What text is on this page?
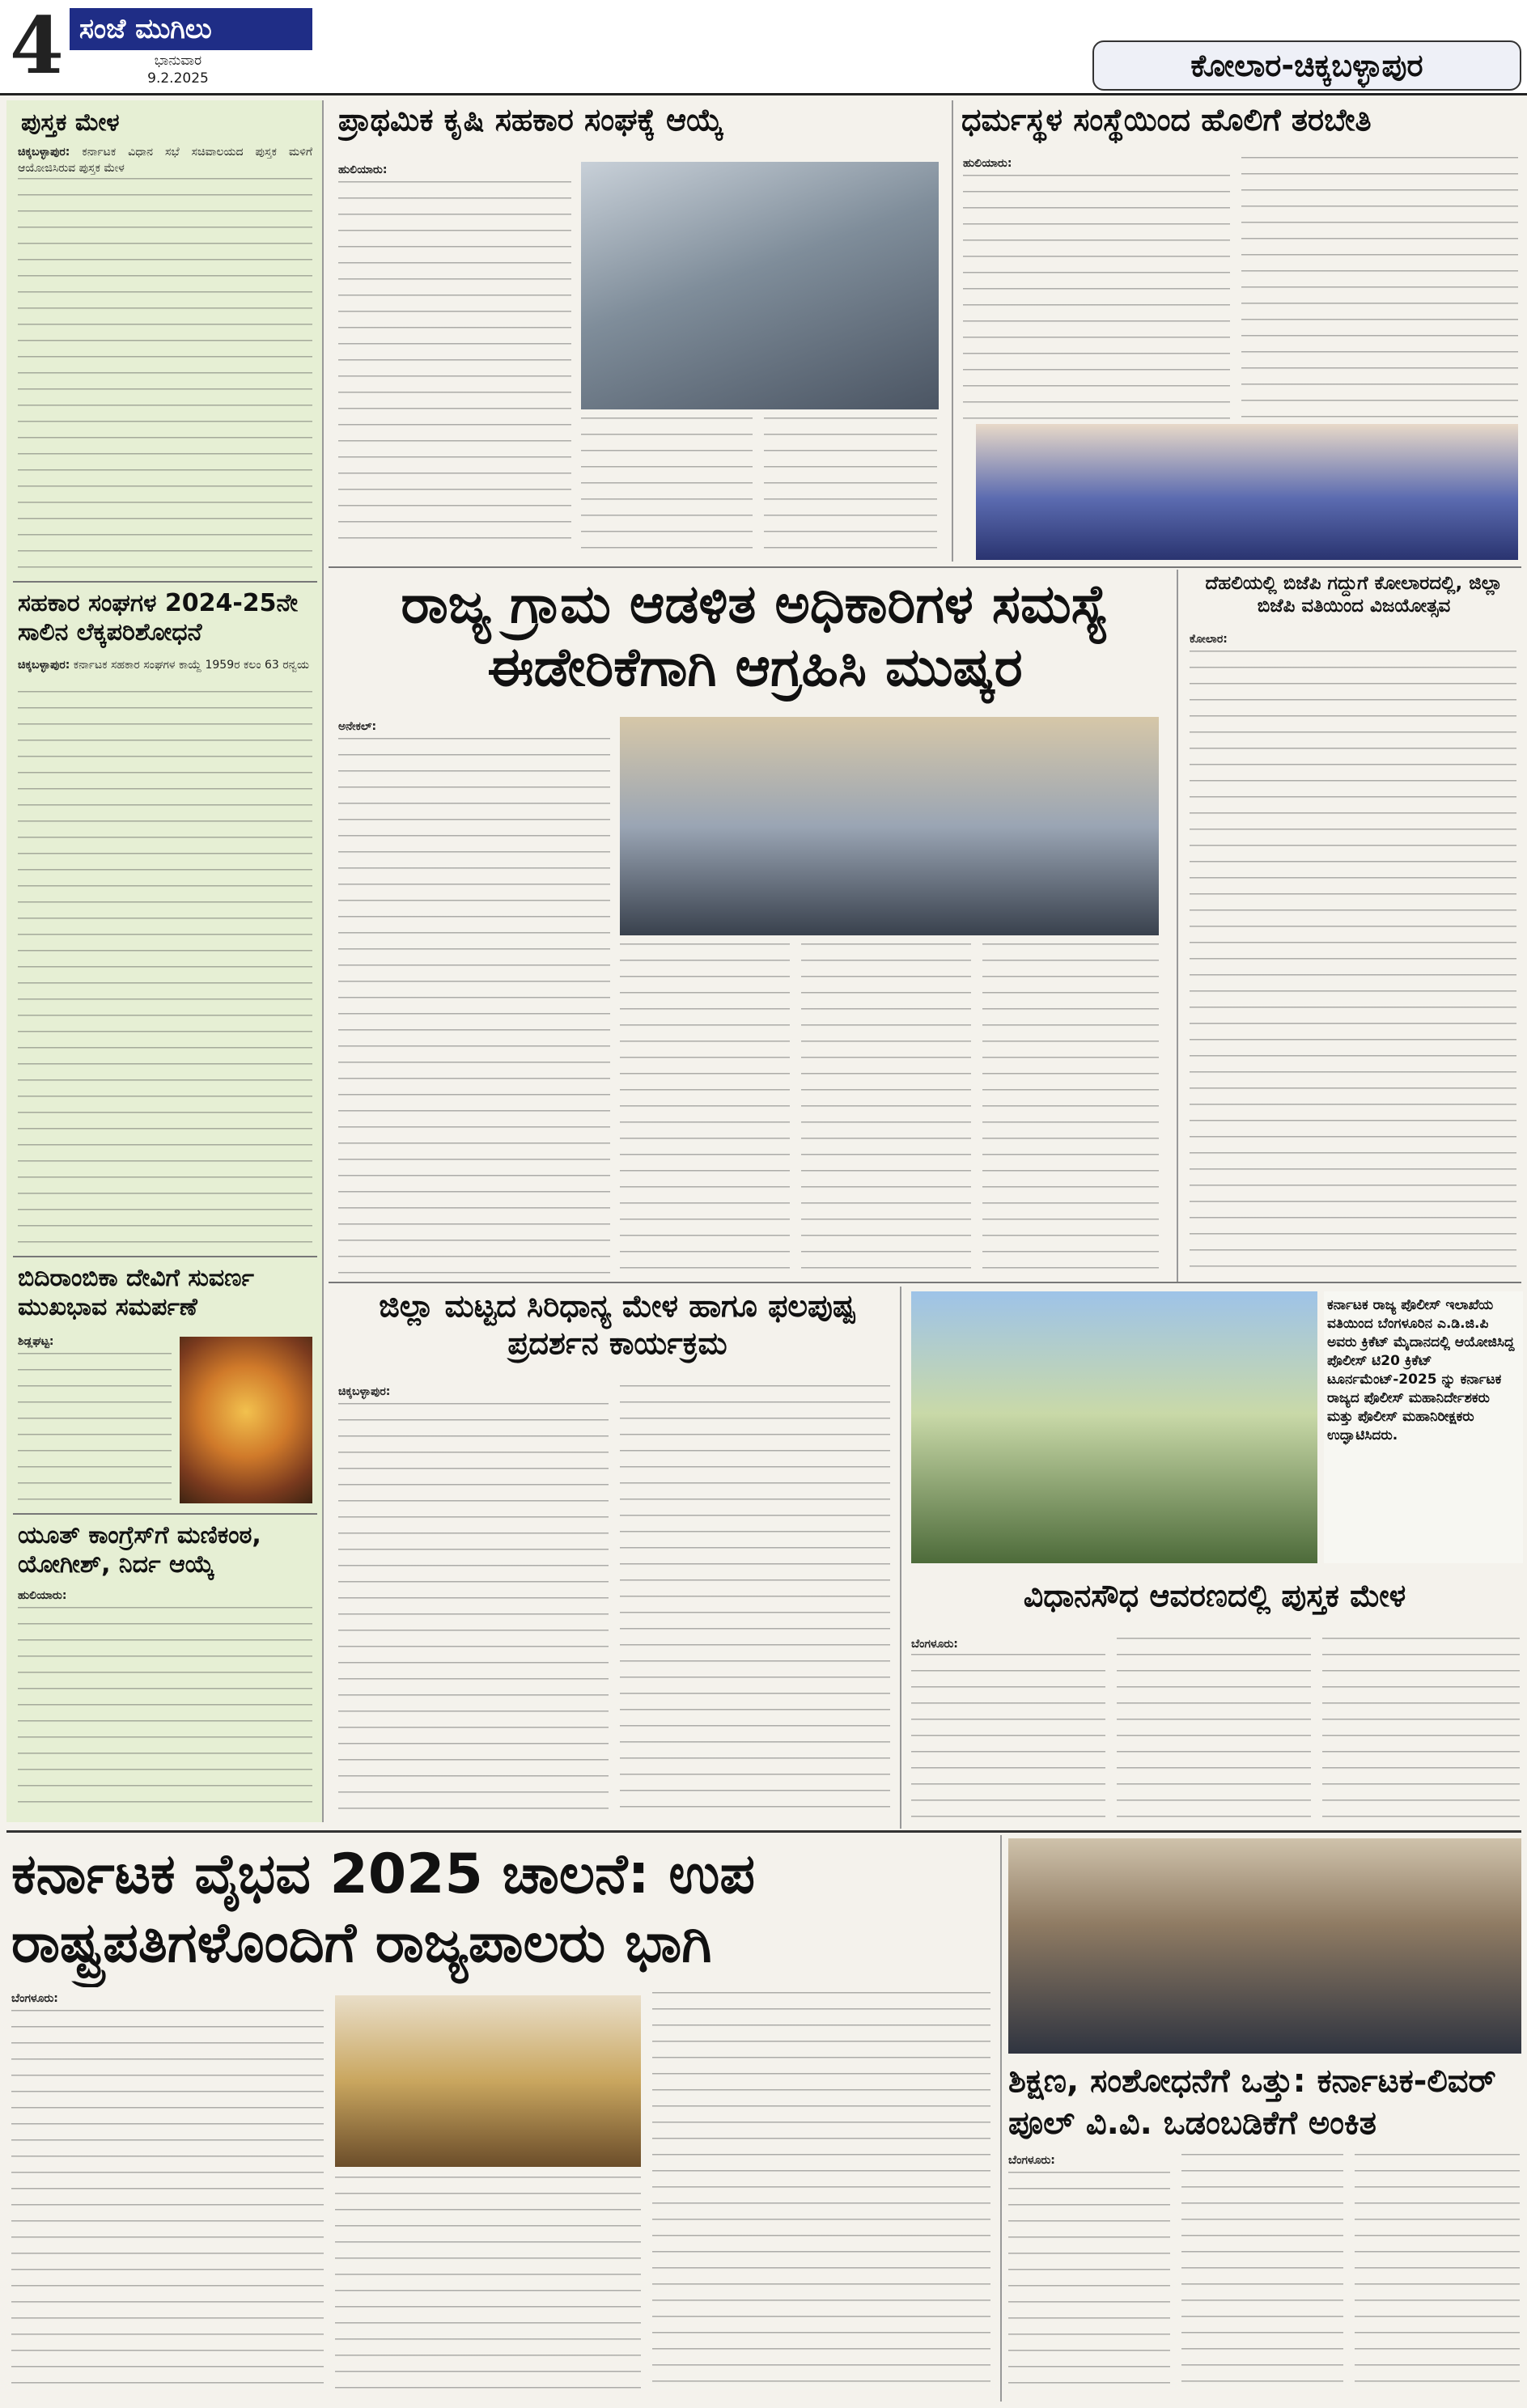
4 ಸಂಜೆ ಮುಗಿಲು
ಭಾನುವಾರ
9.2.2025	ಕೋಲಾರ-ಚಿಕ್ಕಬಳ್ಳಾಪುರ
ಪುಸ್ತಕ ಮೇಳ
ಚಿಕ್ಕಬಳ್ಳಾಪುರ: ಕರ್ನಾಟಕ ವಿಧಾನ ಸಭೆ ಸಚಿವಾಲಯದ ಪುಸ್ತಕ ಮಳಿಗೆ ಆಯೋಜಿಸಿರುವ ಪುಸ್ತಕ ಮೇಳ
ಸಹಕಾರ ಸಂಘಗಳ 2024-25ನೇ ಸಾಲಿನ ಲೆಕ್ಕಪರಿಶೋಧನೆ
ಚಿಕ್ಕಬಳ್ಳಾಪುರ: ಕರ್ನಾಟಕ ಸಹಕಾರ ಸಂಘಗಳ ಕಾಯ್ದೆ 1959ರ ಕಲಂ 63 ರನ್ವಯ
ಬಿದಿರಾಂಬಿಕಾ ದೇವಿಗೆ ಸುವರ್ಣ ಮುಖಭಾವ ಸಮರ್ಪಣೆ
ಶಿಡ್ಲಘಟ್ಟ:
ಯೂತ್ ಕಾಂಗ್ರೆಸ್‌ಗೆ ಮಣಿಕಂಠ, ಯೋಗೀಶ್, ನಿರ್ದ ಆಯ್ಕೆ
ಹುಲಿಯಾರು:
ಪ್ರಾಥಮಿಕ ಕೃಷಿ ಸಹಕಾರ ಸಂಘಕ್ಕೆ ಆಯ್ಕೆ
ಹುಲಿಯಾರು:
ಧರ್ಮಸ್ಥಳ ಸಂಸ್ಥೆಯಿಂದ ಹೊಲಿಗೆ ತರಬೇತಿ
ಹುಲಿಯಾರು:
ರಾಜ್ಯ ಗ್ರಾಮ ಆಡಳಿತ ಅಧಿಕಾರಿಗಳ ಸಮಸ್ಯೆ ಈಡೇರಿಕೆಗಾಗಿ ಆಗ್ರಹಿಸಿ ಮುಷ್ಕರ
ಅನೇಕಲ್:
ದೆಹಲಿಯಲ್ಲಿ ಬಿಜೆಪಿ ಗದ್ದುಗೆ ಕೋಲಾರದಲ್ಲಿ, ಜಿಲ್ಲಾ ಬಿಜೆಪಿ ವತಿಯಿಂದ ವಿಜಯೋತ್ಸವ
ಕೋಲಾರ:
ಜಿಲ್ಲಾ ಮಟ್ಟದ ಸಿರಿಧಾನ್ಯ ಮೇಳ ಹಾಗೂ ಫಲಪುಷ್ಪ ಪ್ರದರ್ಶನ ಕಾರ್ಯಕ್ರಮ
ಚಿಕ್ಕಬಳ್ಳಾಪುರ:
ಕರ್ನಾಟಕ ರಾಜ್ಯ ಪೊಲೀಸ್ ಇಲಾಖೆಯ ವತಿಯಿಂದ ಬೆಂಗಳೂರಿನ ಎ.ಡಿ.ಜಿ.ಪಿ ಅವರು ಕ್ರಿಕೆಟ್ ಮೈದಾನದಲ್ಲಿ ಆಯೋಜಿಸಿದ್ದ ಪೊಲೀಸ್ ಟಿ20 ಕ್ರಿಕೆಟ್ ಟೂರ್ನಮೆಂಟ್-2025 ನ್ನು ಕರ್ನಾಟಕ ರಾಜ್ಯದ ಪೊಲೀಸ್ ಮಹಾನಿರ್ದೇಶಕರು ಮತ್ತು ಪೊಲೀಸ್ ಮಹಾನಿರೀಕ್ಷಕರು ಉದ್ಘಾಟಿಸಿದರು.
ವಿಧಾನಸೌಧ ಆವರಣದಲ್ಲಿ ಪುಸ್ತಕ ಮೇಳ
ಬೆಂಗಳೂರು:
ಕರ್ನಾಟಕ ವೈಭವ 2025 ಚಾಲನೆ: ಉಪ ರಾಷ್ಟ್ರಪತಿಗಳೊಂದಿಗೆ ರಾಜ್ಯಪಾಲರು ಭಾಗಿ
ಬೆಂಗಳೂರು:
ಶಿಕ್ಷಣ, ಸಂಶೋಧನೆಗೆ ಒತ್ತು: ಕರ್ನಾಟಕ-ಲಿವರ್ ಪೂಲ್ ವಿ.ವಿ. ಒಡಂಬಡಿಕೆಗೆ ಅಂಕಿತ
ಬೆಂಗಳೂರು:
